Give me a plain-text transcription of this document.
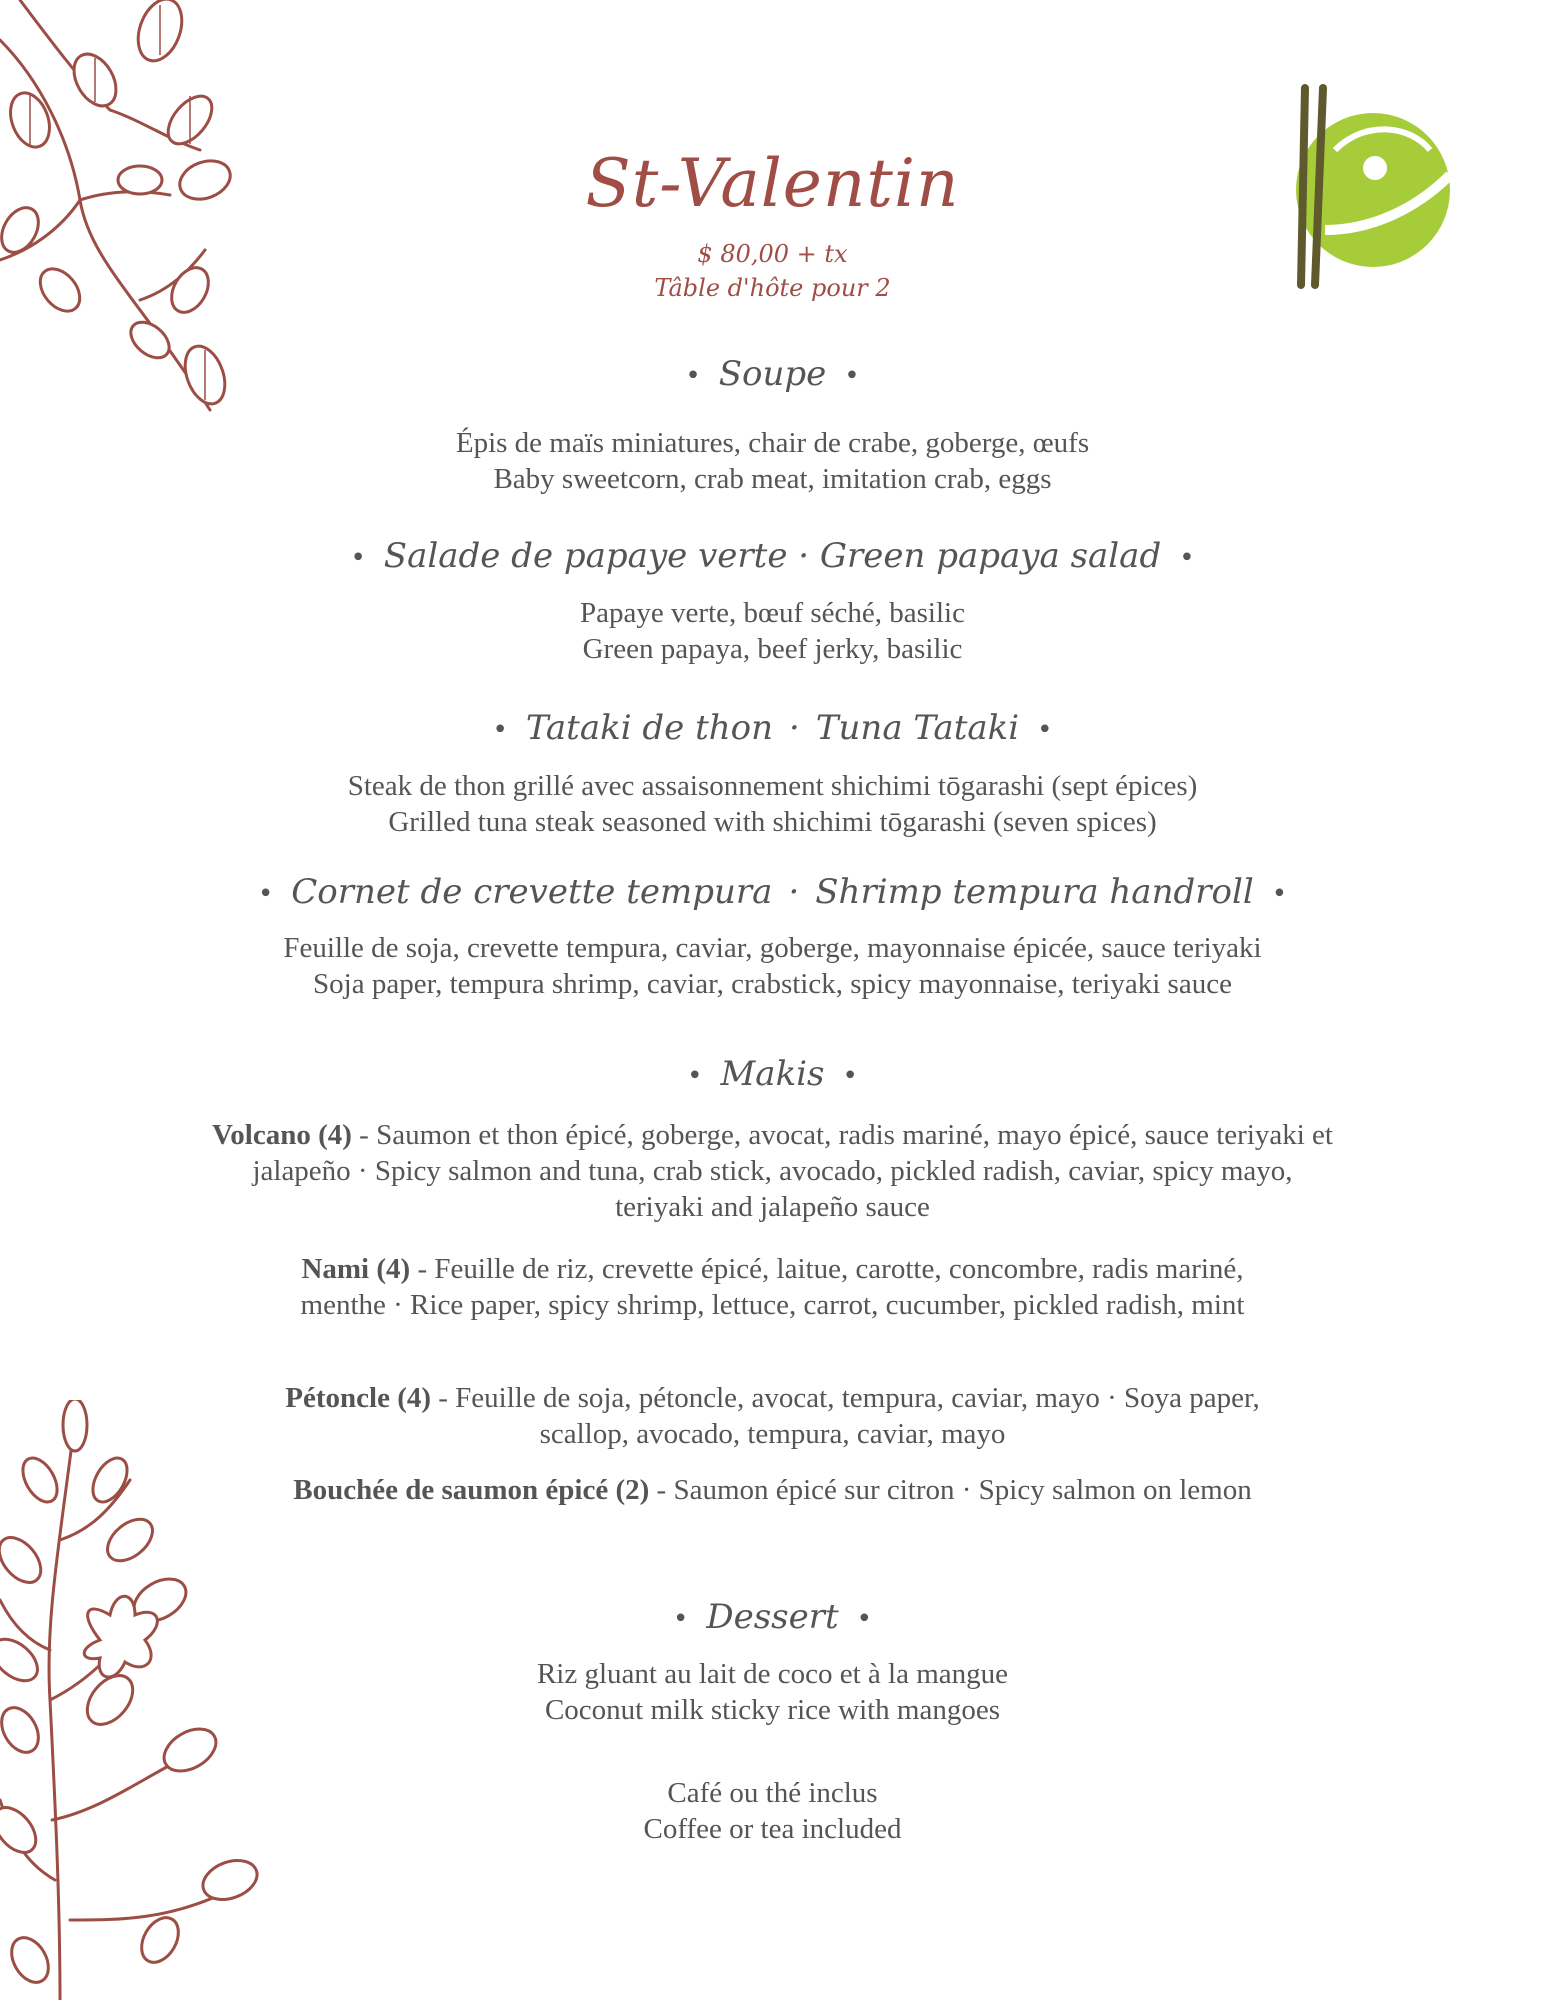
St-Valentin
$ 80,00 + tx
Tâble d'hôte pour 2
• Soupe •
Épis de maïs miniatures, chair de crabe, goberge, œufs
Baby sweetcorn, crab meat, imitation crab, eggs
• Salade de papaye verte · Green papaya salad •
Papaye verte, bœuf séché, basilic
Green papaya, beef jerky, basilic
• Tataki de thon · Tuna Tataki •
Steak de thon grillé avec assaisonnement shichimi tōgarashi (sept épices)
Grilled tuna steak seasoned with shichimi tōgarashi (seven spices)
• Cornet de crevette tempura · Shrimp tempura handroll •
Feuille de soja, crevette tempura, caviar, goberge, mayonnaise épicée, sauce teriyaki
Soja paper, tempura shrimp, caviar, crabstick, spicy mayonnaise, teriyaki sauce
• Makis •
Volcano (4) - Saumon et thon épicé, goberge, avocat, radis mariné, mayo épicé, sauce teriyaki et jalapeño · Spicy salmon and tuna, crab stick, avocado, pickled radish, caviar, spicy mayo, teriyaki and jalapeño sauce
Nami (4) - Feuille de riz, crevette épicé, laitue, carotte, concombre, radis mariné, menthe · Rice paper, spicy shrimp, lettuce, carrot, cucumber, pickled radish, mint
Pétoncle (4) - Feuille de soja, pétoncle, avocat, tempura, caviar, mayo · Soya paper, scallop, avocado, tempura, caviar, mayo
Bouchée de saumon épicé (2) - Saumon épicé sur citron · Spicy salmon on lemon
• Dessert •
Riz gluant au lait de coco et à la mangue
Coconut milk sticky rice with mangoes
Café ou thé inclus
Coffee or tea included
